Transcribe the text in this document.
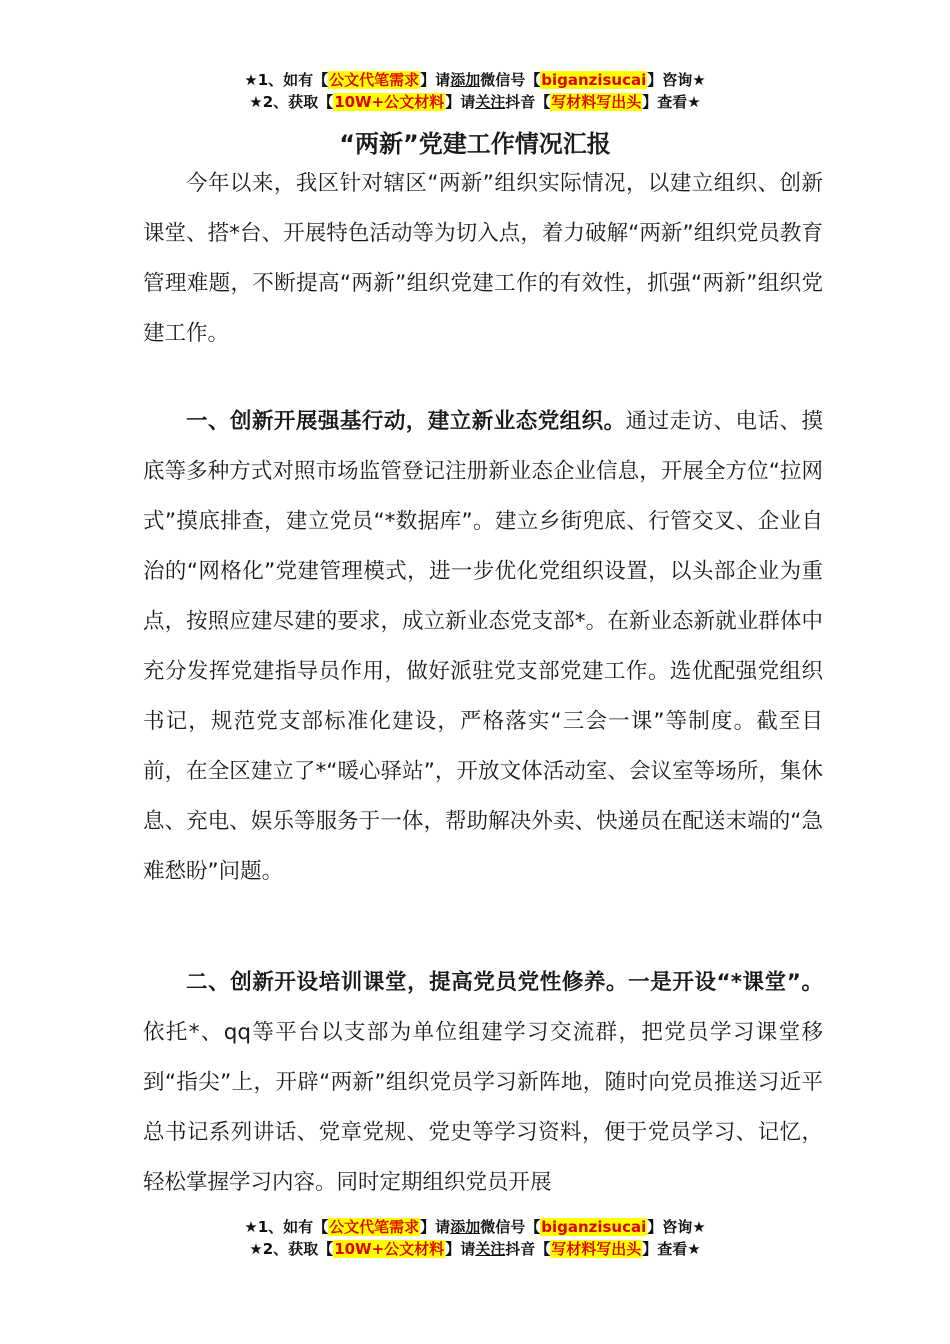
★1、如有【公文代笔需求】请添加微信号【biganzisucai】咨询★
★2、获取【10W+公文材料】请关注抖音【写材料写出头】查看★
“两新”党建工作情况汇报

今年以来，我区针对辖区“两新”组织实际情况，以建立组织、创新课堂、搭*台、开展特色活动等为切入点，着力破解“两新”组织党员教育管理难题，不断提高“两新”组织党建工作的有效性，抓强“两新”组织党建工作。

一、创新开展强基行动，建立新业态党组织。通过走访、电话、摸底等多种方式对照市场监管登记注册新业态企业信息，开展全方位“拉网式”摸底排查，建立党员“*数据库”。建立乡街兜底、行管交叉、企业自治的“网格化”党建管理模式，进一步优化党组织设置，以头部企业为重点，按照应建尽建的要求，成立新业态党支部*。在新业态新就业群体中充分发挥党建指导员作用，做好派驻党支部党建工作。选优配强党组织书记，规范党支部标准化建设，严格落实“三会一课”等制度。截至目前，在全区建立了*“暖心驿站”，开放文体活动室、会议室等场所，集休息、充电、娱乐等服务于一体，帮助解决外卖、快递员在配送末端的“急难愁盼”问题。

二、创新开设培训课堂，提高党员党性修养。一是开设“*课堂”。依托*、qq等平台以支部为单位组建学习交流群，把党员学习课堂移到“指尖”上，开辟“两新”组织党员学习新阵地，随时向党员推送习近平总书记系列讲话、党章党规、党史等学习资料，便于党员学习、记忆，轻松掌握学习内容。同时定期组织党员开展

★1、如有【公文代笔需求】请添加微信号【biganzisucai】咨询★
★2、获取【10W+公文材料】请关注抖音【写材料写出头】查看★
